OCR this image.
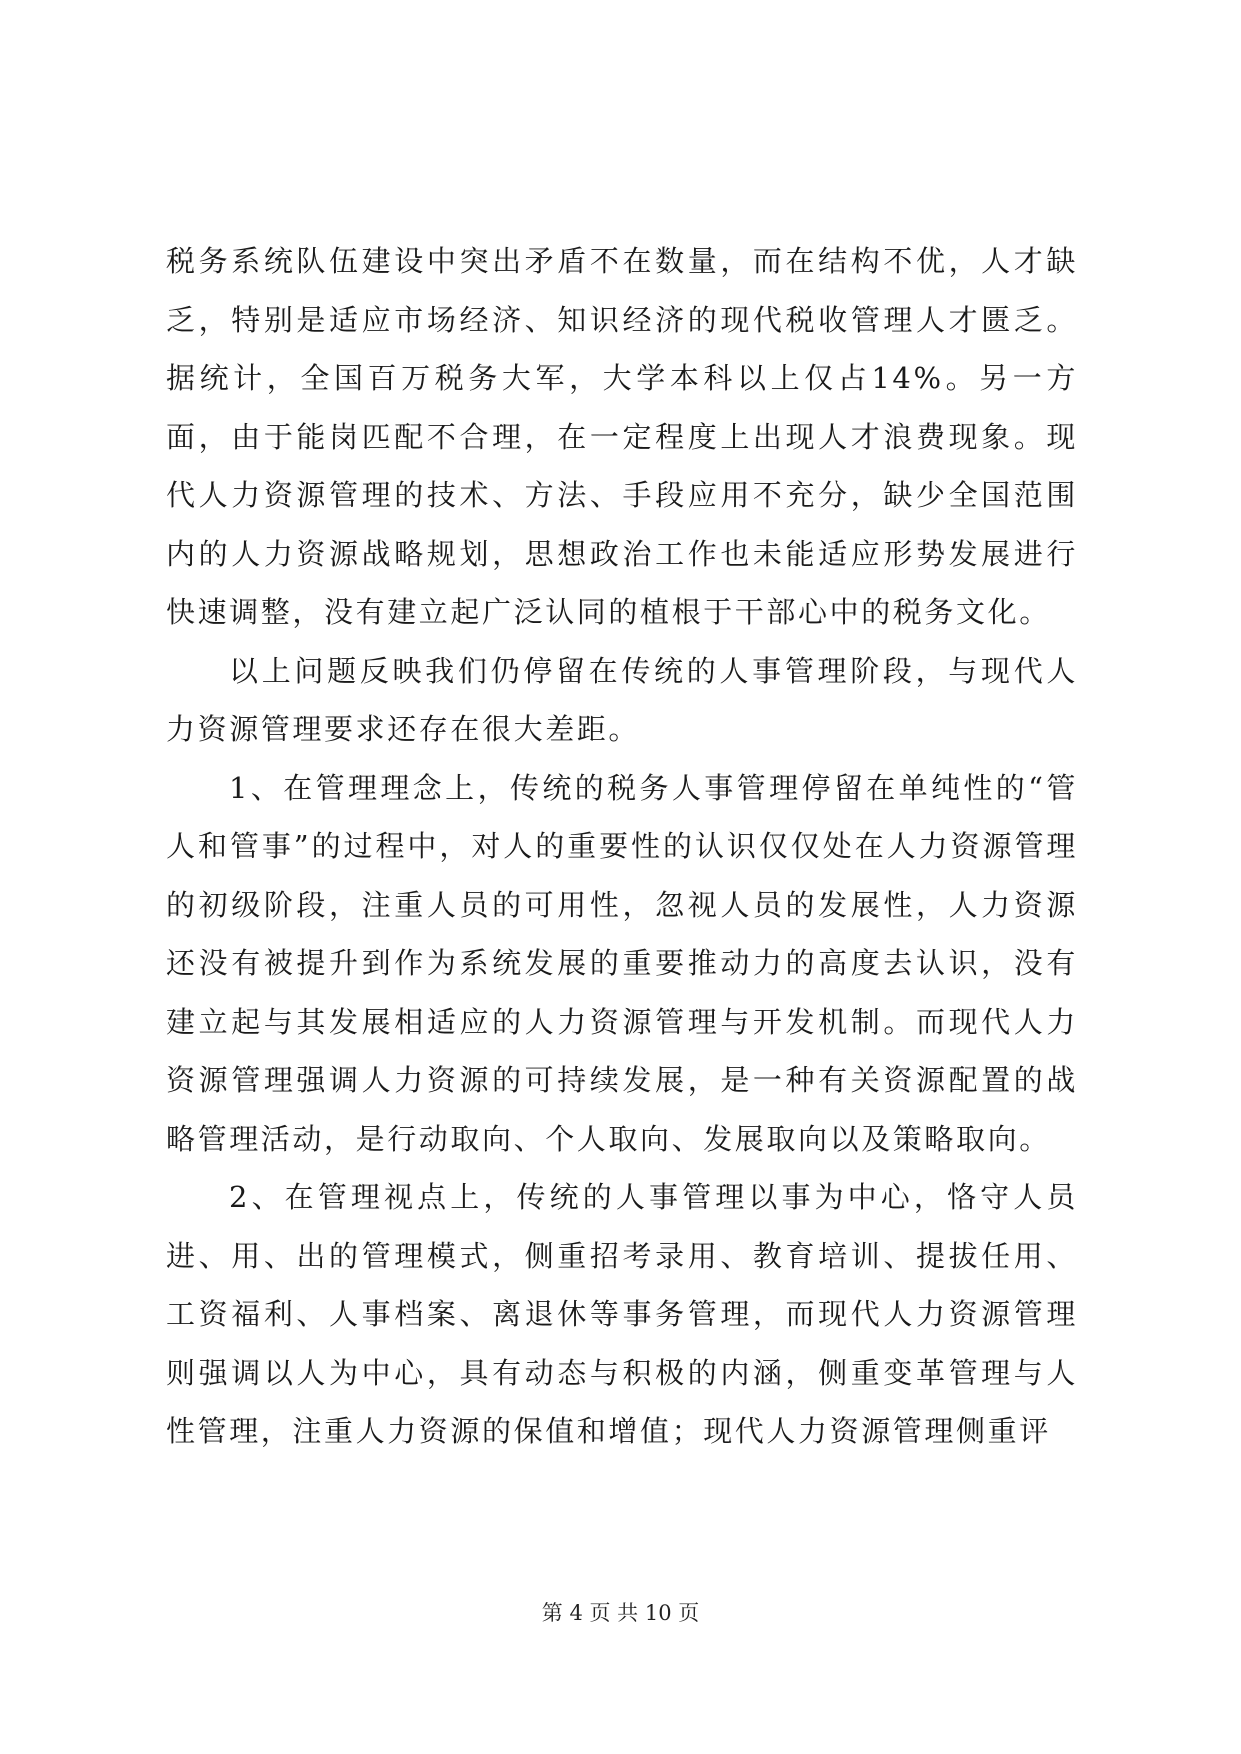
税务系统队伍建设中突出矛盾不在数量，而在结构不优，人才缺乏，特别是适应市场经济、知识经济的现代税收管理人才匮乏。据统计，全国百万税务大军，大学本科以上仅占14%。另一方面，由于能岗匹配不合理，在一定程度上出现人才浪费现象。现代人力资源管理的技术、方法、手段应用不充分，缺少全国范围内的人力资源战略规划，思想政治工作也未能适应形势发展进行快速调整，没有建立起广泛认同的植根于干部心中的税务文化。

以上问题反映我们仍停留在传统的人事管理阶段，与现代人力资源管理要求还存在很大差距。

1、在管理理念上，传统的税务人事管理停留在单纯性的“管人和管事”的过程中，对人的重要性的认识仅仅处在人力资源管理的初级阶段，注重人员的可用性，忽视人员的发展性，人力资源还没有被提升到作为系统发展的重要推动力的高度去认识，没有建立起与其发展相适应的人力资源管理与开发机制。而现代人力资源管理强调人力资源的可持续发展，是一种有关资源配置的战略管理活动，是行动取向、个人取向、发展取向以及策略取向。

2、在管理视点上，传统的人事管理以事为中心，恪守人员进、用、出的管理模式，侧重招考录用、教育培训、提拔任用、工资福利、人事档案、离退休等事务管理，而现代人力资源管理则强调以人为中心，具有动态与积极的内涵，侧重变革管理与人性管理，注重人力资源的保值和增值；现代人力资源管理侧重评

第 4 页 共 10 页
